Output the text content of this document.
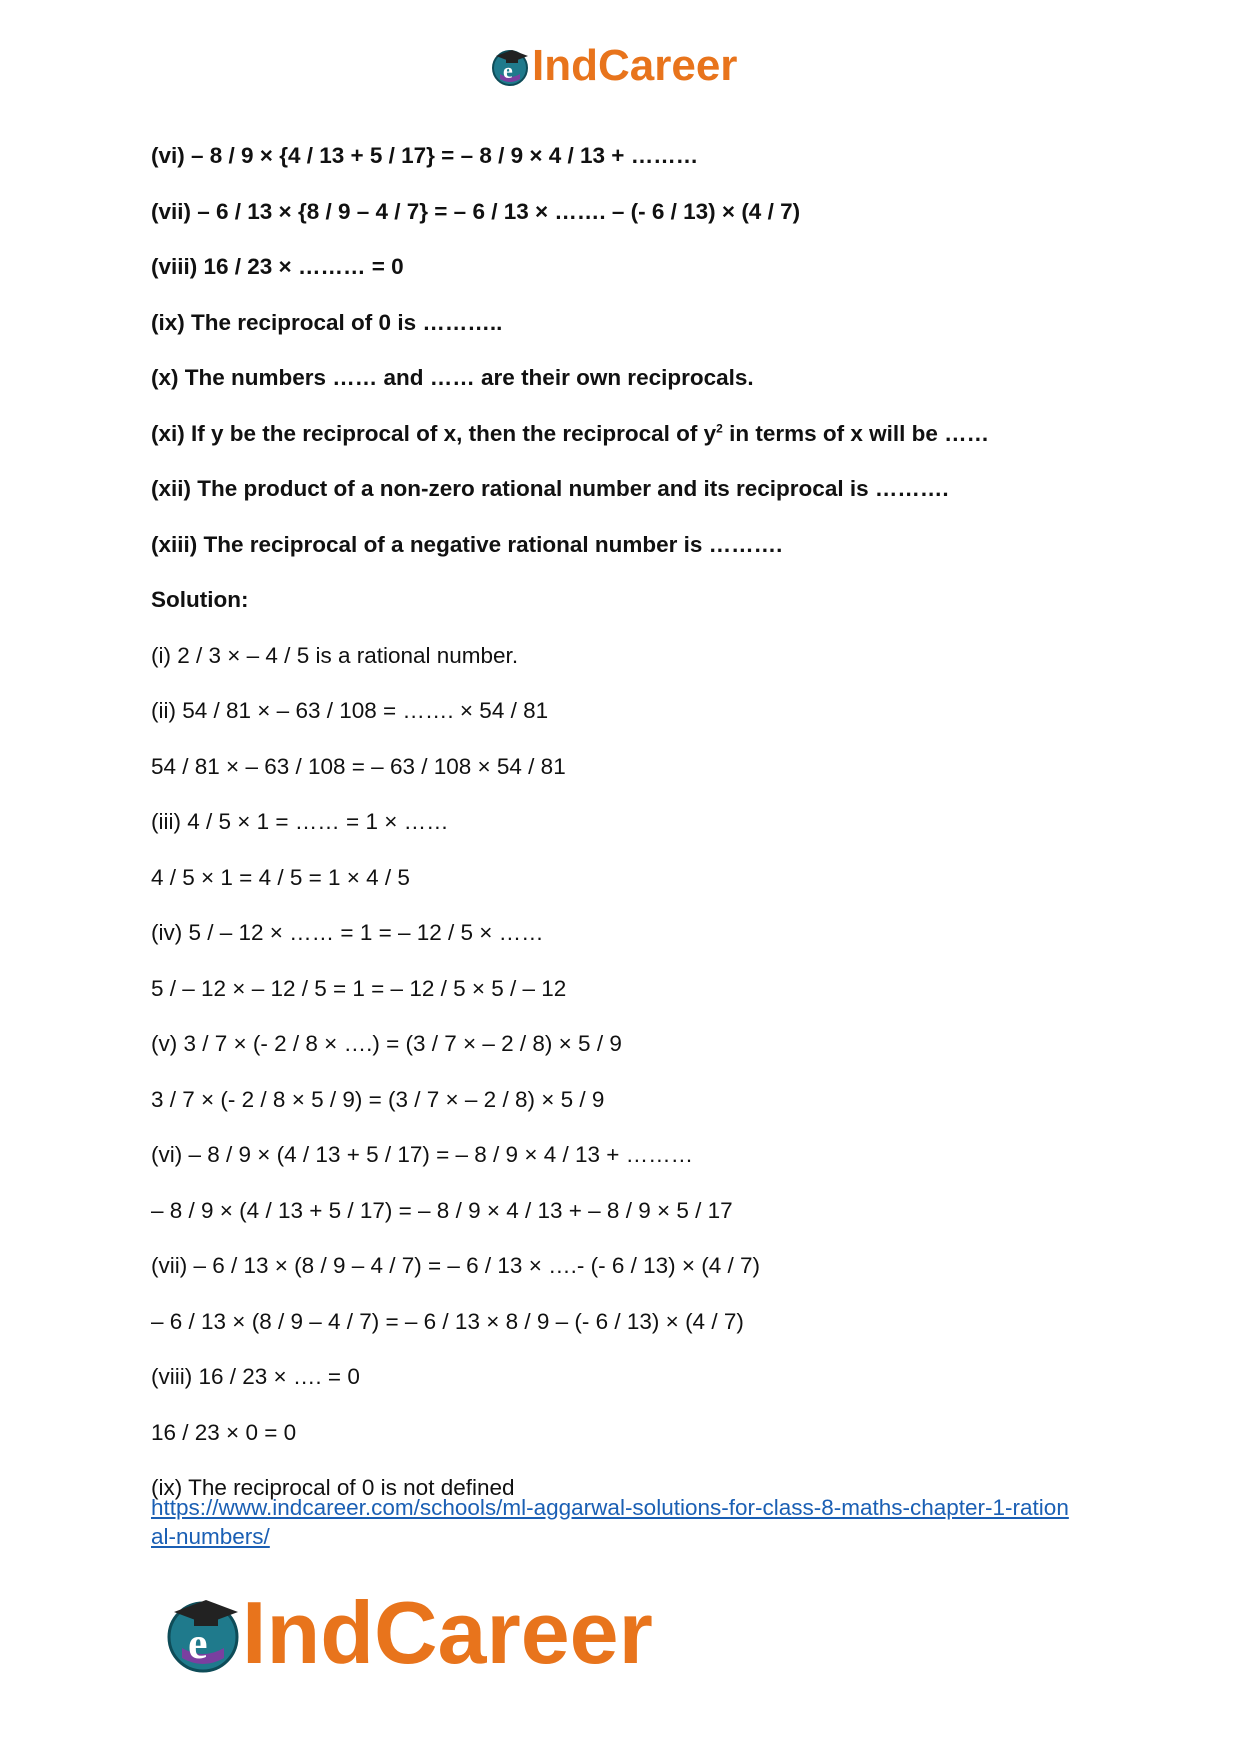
e IndCareer
(vi) – 8 / 9 × {4 / 13 + 5 / 17} = – 8 / 9 × 4 / 13 + ………
(vii) – 6 / 13 × {8 / 9 – 4 / 7} = – 6 / 13 × ……. – (- 6 / 13) × (4 / 7)
(viii) 16 / 23 × ……… = 0
(ix) The reciprocal of 0 is ………..
(x) The numbers …… and …… are their own reciprocals.
(xi) If y be the reciprocal of x, then the reciprocal of $y^2$ in terms of x will be ……
(xii) The product of a non-zero rational number and its reciprocal is ……….
(xiii) The reciprocal of a negative rational number is ……….
Solution:
(i) 2 / 3 × – 4 / 5 is a rational number.
(ii) 54 / 81 × – 63 / 108 = ……. × 54 / 81
54 / 81 × – 63 / 108 = – 63 / 108 × 54 / 81
(iii) 4 / 5 × 1 = …… = 1 × ……
4 / 5 × 1 = 4 / 5 = 1 × 4 / 5
(iv) 5 / – 12 × …… = 1 = – 12 / 5 × ……
5 / – 12 × – 12 / 5 = 1 = – 12 / 5 × 5 / – 12
(v) 3 / 7 × (- 2 / 8 × ….) = (3 / 7 × – 2 / 8) × 5 / 9
3 / 7 × (- 2 / 8 × 5 / 9) = (3 / 7 × – 2 / 8) × 5 / 9
(vi) – 8 / 9 × (4 / 13 + 5 / 17) = – 8 / 9 × 4 / 13 + ………
– 8 / 9 × (4 / 13 + 5 / 17) = – 8 / 9 × 4 / 13 + – 8 / 9 × 5 / 17
(vii) – 6 / 13 × (8 / 9 – 4 / 7) = – 6 / 13 × ….- (- 6 / 13) × (4 / 7)
– 6 / 13 × (8 / 9 – 4 / 7) = – 6 / 13 × 8 / 9 – (- 6 / 13) × (4 / 7)
(viii) 16 / 23 × …. = 0
16 / 23 × 0 = 0
(ix) The reciprocal of 0 is not defined
https://www.indcareer.com/schools/ml-aggarwal-solutions-for-class-8-maths-chapter-1-ration
al-numbers/
e IndCareer
